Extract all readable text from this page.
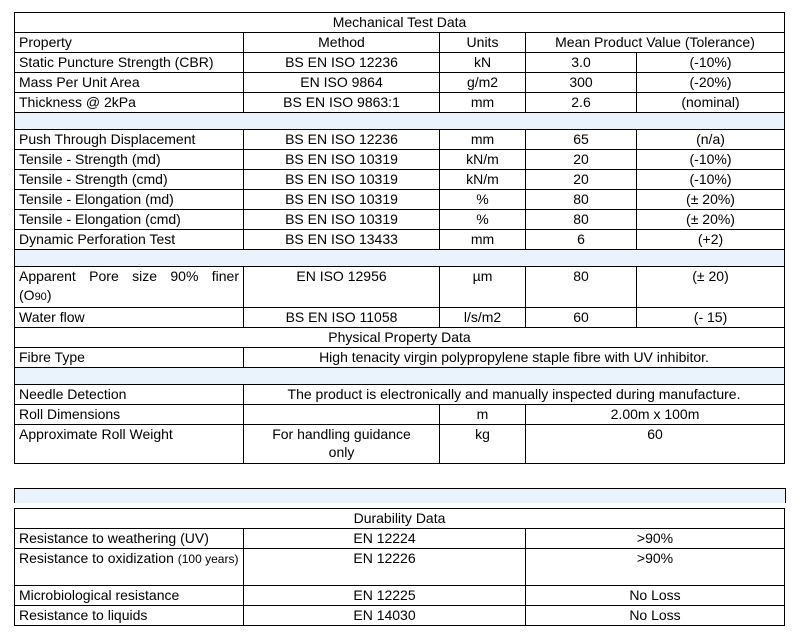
Mechanical Test Data				
Property	Method	Units	Mean Product Value (Tolerance)	
Static Puncture Strength (CBR)	BS EN ISO 12236	kN	3.0	(-10%)
Mass Per Unit Area	EN ISO 9864	g/m2	300	(-20%)
Thickness @ 2kPa	BS EN ISO 9863:1	mm	2.6	(nominal)

Push Through Displacement	BS EN ISO 12236	mm	65	(n/a)
Tensile - Strength (md)	BS EN ISO 10319	kN/m	20	(-10%)
Tensile - Strength (cmd)	BS EN ISO 10319	kN/m	20	(-10%)
Tensile - Elongation (md)	BS EN ISO 10319	%	80	(± 20%)
Tensile - Elongation (cmd)	BS EN ISO 10319	%	80	(± 20%)
Dynamic Perforation Test	BS EN ISO 13433	mm	6	(+2)

Apparent Pore size 90% finer
(O90)	EN ISO 12956	µm	80	(± 20)
Water flow	BS EN ISO 11058	l/s/m2	60	(- 15)
Physical Property Data				
Fibre Type	High tenacity virgin polypropylene staple fibre with UV inhibitor.			

Needle Detection	The product is electronically and manually inspected during manufacture.			
Roll Dimensions		m	2.00m x 100m	
Approximate Roll Weight	For handling guidance only	kg	60	
Durability Data		
Resistance to weathering (UV)	EN 12224	>90%
Resistance to oxidization (100 years)	EN 12226	>90%
Microbiological resistance	EN 12225	No Loss
Resistance to liquids	EN 14030	No Loss
